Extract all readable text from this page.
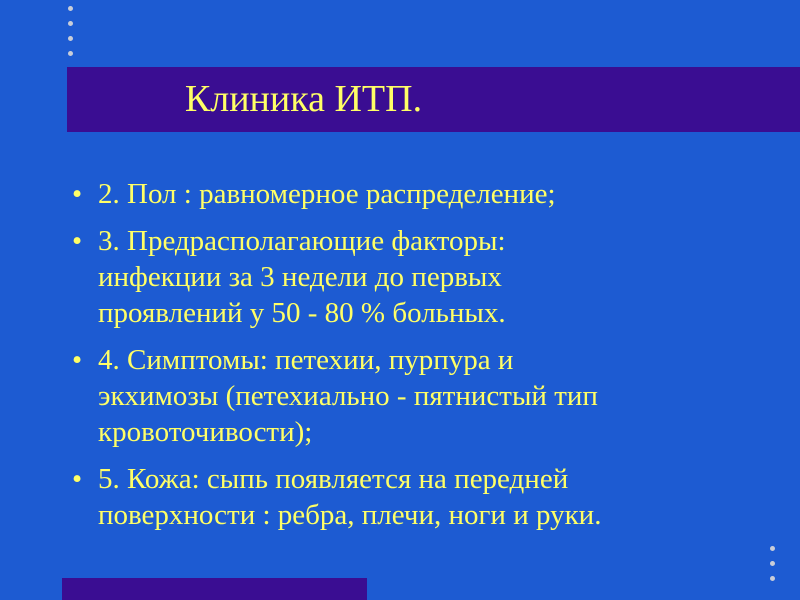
Клиника ИТП.
• 2. Пол : равномерное распределение;
• 3. Предрасполагающие факторы:
инфекции за 3 недели до первых
проявлений у 50 - 80 % больных.
• 4. Симптомы: петехии, пурпура и
экхимозы (петехиально - пятнистый тип
кровоточивости);
• 5. Кожа: сыпь появляется на передней
поверхности : ребра, плечи, ноги и руки.
